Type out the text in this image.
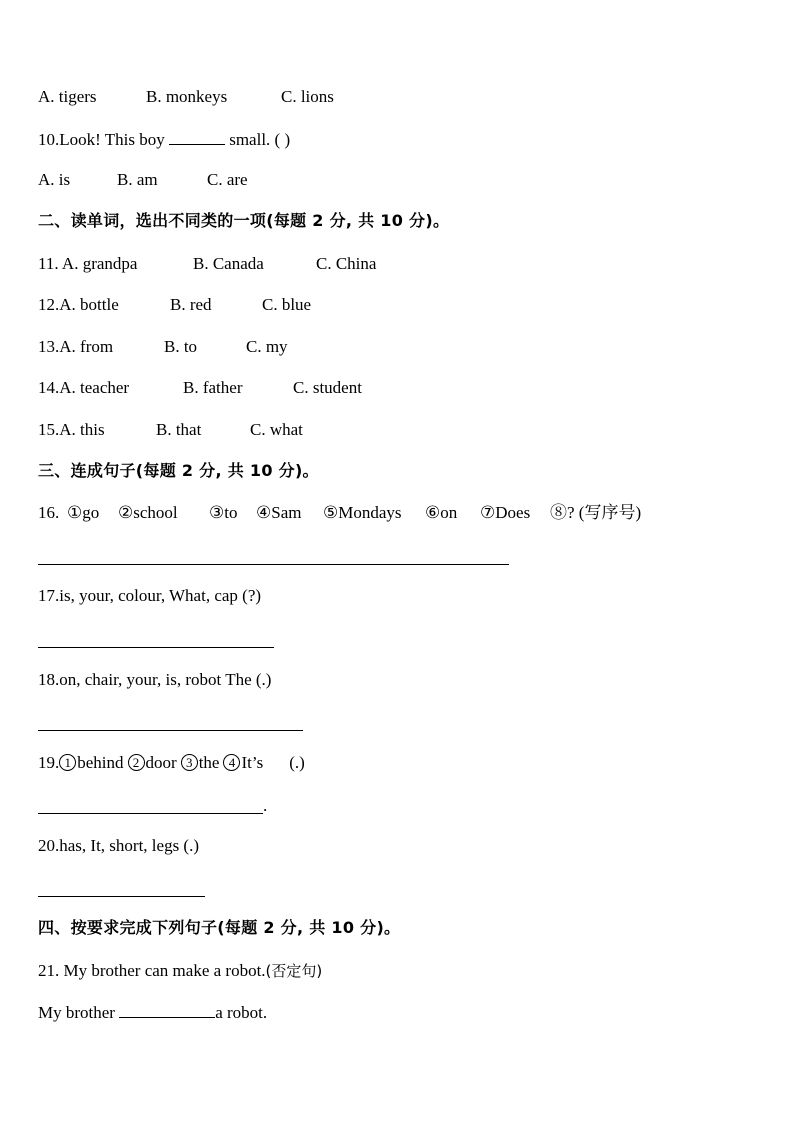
A. tigers	B. monkeys	C. lions
10.Look! This boy	small. ( )
A. is	B. am	C. are
二、读单词，选出不同类的一项(每题 2 分, 共 10 分)。
11. A. grandpa	B. Canada	C. China
12.A. bottle	B. red	C. blue
13.A. from	B. to	C. my
14.A. teacher	B. father	C. student
15.A. this	B. that	C. what
三、连成句子(每题 2 分, 共 10 分)。
16. ①go ②school ③to ④Sam ⑤Mondays ⑥on ⑦Does ⑧? (写序号)
17.is, your, colour, What, cap (?)
18.on, chair, your, is, robot The (.)
19. 1 behind 2 door 3 the 4 It’s (.)
.
20.has, It, short, legs (.)
四、按要求完成下列句子(每题 2 分, 共 10 分)。
21. My brother can make a robot.(否定句)
My brother	a robot.
